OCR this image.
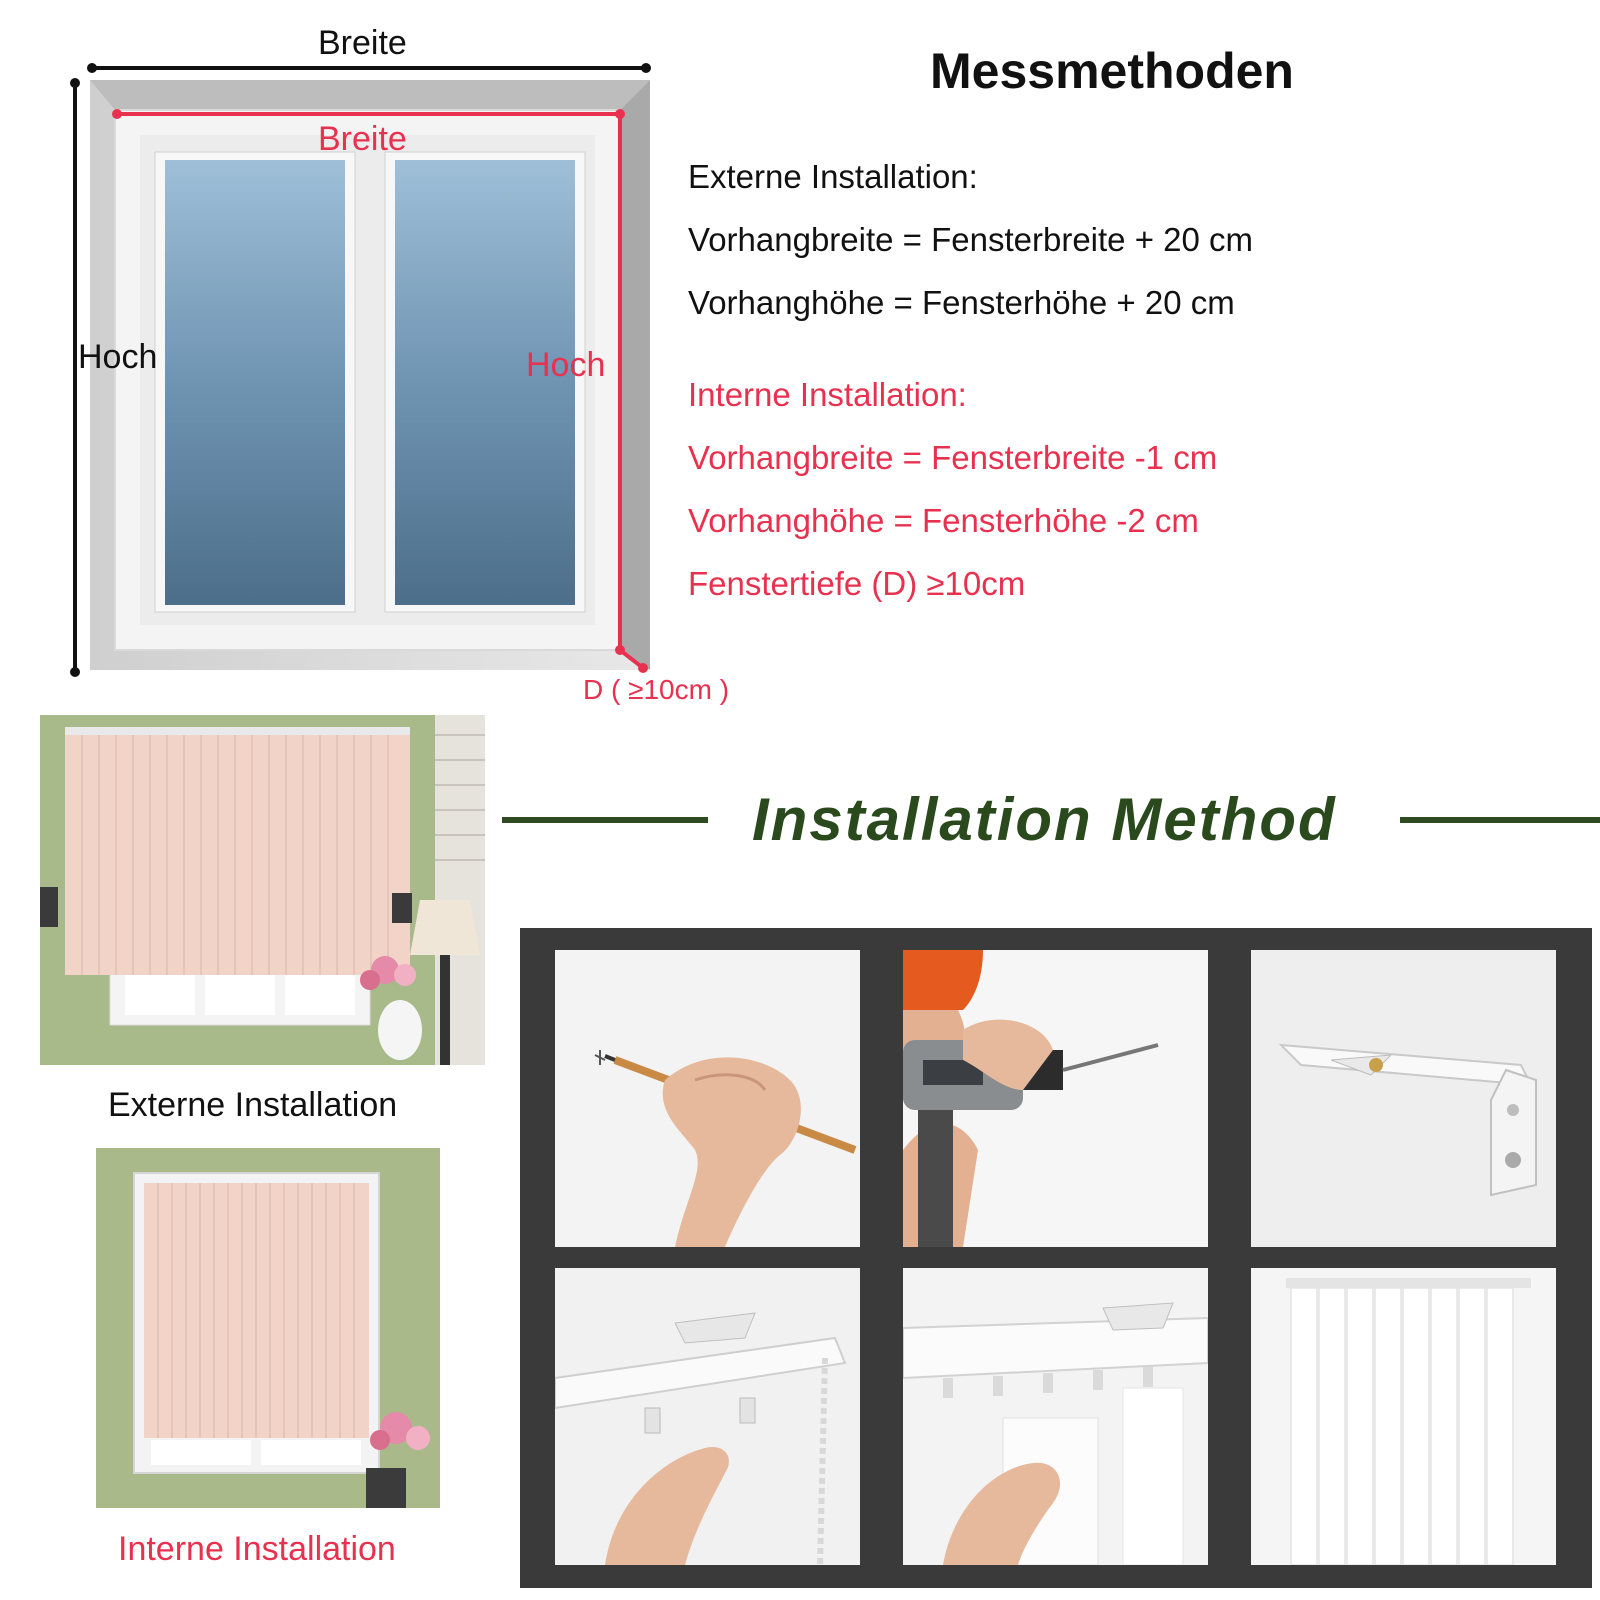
Breite
Hoch
Breite
Hoch
D ( ≥10cm )
Messmethoden
Externe Installation:
Vorhangbreite = Fensterbreite + 20 cm
Vorhanghöhe = Fensterhöhe + 20 cm
Interne Installation:
Vorhangbreite = Fensterbreite -1 cm
Vorhanghöhe = Fensterhöhe -2 cm
Fenstertiefe (D) ≥10cm
Externe Installation
Interne Installation
Installation Method
